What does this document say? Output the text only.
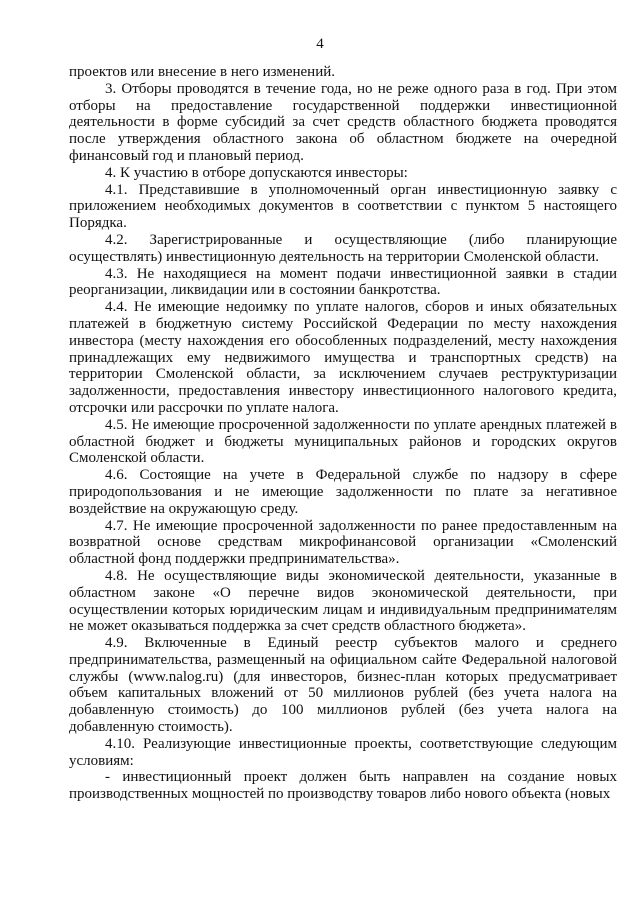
4

проектов или внесение в него изменений.

3. Отборы проводятся в течение года, но не реже одного раза в год. При этом отборы на предоставление государственной поддержки инвестиционной деятельности в форме субсидий за счет средств областного бюджета проводятся после утверждения областного закона об областном бюджете на очередной финансовый год и плановый период.

4. К участию в отборе допускаются инвесторы:

4.1. Представившие в уполномоченный орган инвестиционную заявку с приложением необходимых документов в соответствии с пунктом 5 настоящего Порядка.

4.2. Зарегистрированные и осуществляющие (либо планирующие осуществлять) инвестиционную деятельность на территории Смоленской области.

4.3. Не находящиеся на момент подачи инвестиционной заявки в стадии реорганизации, ликвидации или в состоянии банкротства.

4.4. Не имеющие недоимку по уплате налогов, сборов и иных обязательных платежей в бюджетную систему Российской Федерации по месту нахождения инвестора (месту нахождения его обособленных подразделений, месту нахождения принадлежащих ему недвижимого имущества и транспортных средств) на территории Смоленской области, за исключением случаев реструктуризации задолженности, предоставления инвестору инвестиционного налогового кредита, отсрочки или рассрочки по уплате налога.

4.5. Не имеющие просроченной задолженности по уплате арендных платежей в областной бюджет и бюджеты муниципальных районов и городских округов Смоленской области.

4.6. Состоящие на учете в Федеральной службе по надзору в сфере природопользования и не имеющие задолженности по плате за негативное воздействие на окружающую среду.

4.7. Не имеющие просроченной задолженности по ранее предоставленным на возвратной основе средствам микрофинансовой организации «Смоленский областной фонд поддержки предпринимательства».

4.8. Не осуществляющие виды экономической деятельности, указанные в областном законе «О перечне видов экономической деятельности, при осуществлении которых юридическим лицам и индивидуальным предпринимателям не может оказываться поддержка за счет средств областного бюджета».

4.9. Включенные в Единый реестр субъектов малого и среднего предпринимательства, размещенный на официальном сайте Федеральной налоговой службы (www.nalog.ru) (для инвесторов, бизнес-план которых предусматривает объем капитальных вложений от 50 миллионов рублей (без учета налога на добавленную стоимость) до 100 миллионов рублей (без учета налога на добавленную стоимость).

4.10. Реализующие инвестиционные проекты, соответствующие следующим условиям:

- инвестиционный проект должен быть направлен на создание новых производственных мощностей по производству товаров либо нового объекта (новых
